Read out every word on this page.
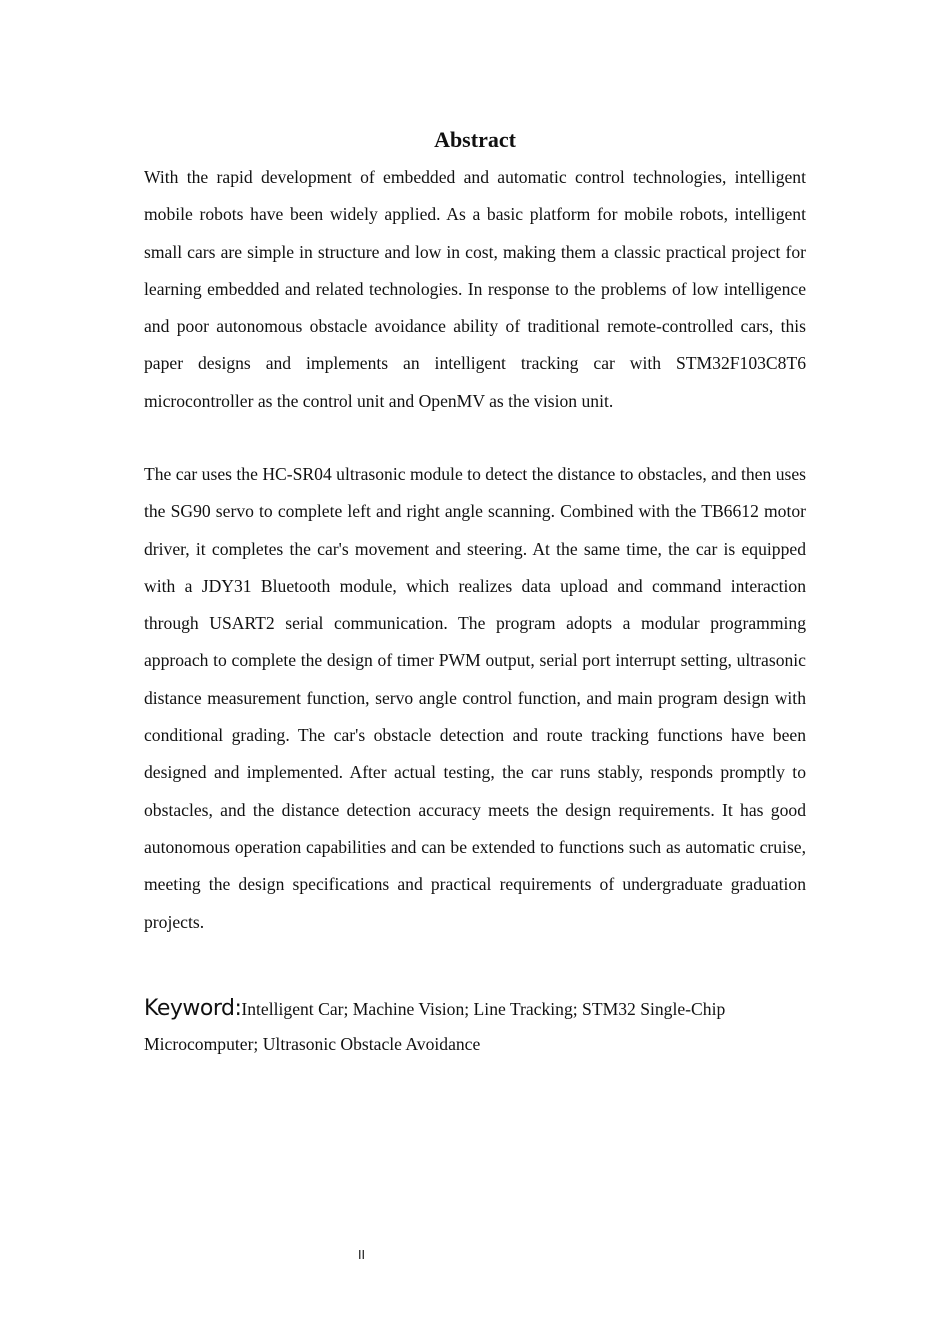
Abstract

With the rapid development of embedded and automatic control technologies, intelligent mobile robots have been widely applied. As a basic platform for mobile robots, intelligent small cars are simple in structure and low in cost, making them a classic practical project for learning embedded and related technologies. In response to the problems of low intelligence and poor autonomous obstacle avoidance ability of traditional remote-controlled cars, this paper designs and implements an intelligent tracking car with STM32F103C8T6 microcontroller as the control unit and OpenMV as the vision unit.

The car uses the HC-SR04 ultrasonic module to detect the distance to obstacles, and then uses the SG90 servo to complete left and right angle scanning. Combined with the TB6612 motor driver, it completes the car's movement and steering. At the same time, the car is equipped with a JDY31 Bluetooth module, which realizes data upload and command interaction through USART2 serial communication. The program adopts a modular programming approach to complete the design of timer PWM output, serial port interrupt setting, ultrasonic distance measurement function, servo angle control function, and main program design with conditional grading. The car's obstacle detection and route tracking functions have been designed and implemented. After actual testing, the car runs stably, responds promptly to obstacles, and the distance detection accuracy meets the design requirements. It has good autonomous operation capabilities and can be extended to functions such as automatic cruise, meeting the design specifications and practical requirements of undergraduate graduation projects.

Keyword:Intelligent Car; Machine Vision; Line Tracking; STM32 Single-Chip Microcomputer; Ultrasonic Obstacle Avoidance

II
